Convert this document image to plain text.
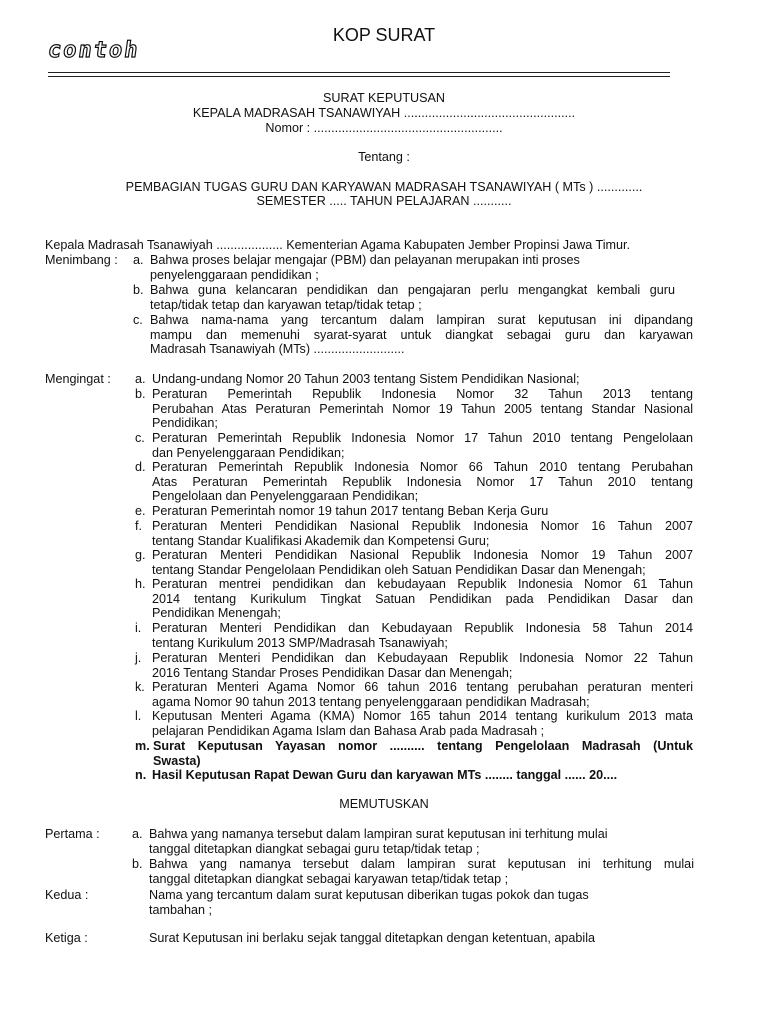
KOP SURAT
contoh
SURAT KEPUTUSAN
KEPALA MADRASAH TSANAWIYAH .................................................
Nomor : ......................................................
Tentang :
PEMBAGIAN TUGAS GURU DAN KARYAWAN MADRASAH TSANAWIYAH ( MTs ) .............
SEMESTER ..... TAHUN PELAJARAN ...........
Kepala Madrasah Tsanawiyah ................... Kementerian Agama Kabupaten Jember Propinsi Jawa Timur.
Menimbang : a. Bahwa proses belajar mengajar (PBM) dan pelayanan merupakan inti proses
penyelenggaraan pendidikan ;
b. Bahwa guna kelancaran pendidikan dan pengajaran perlu mengangkat kembali guru
tetap/tidak tetap dan karyawan tetap/tidak tetap ;
c. Bahwa nama-nama yang tercantum dalam lampiran surat keputusan ini dipandang
mampu dan memenuhi syarat-syarat untuk diangkat sebagai guru dan karyawan
Madrasah Tsanawiyah (MTs) ..........................
Mengingat : a. Undang-undang Nomor 20 Tahun 2003 tentang Sistem Pendidikan Nasional;
b. Peraturan Pemerintah Republik Indonesia Nomor 32 Tahun 2013 tentang
Perubahan Atas Peraturan Pemerintah Nomor 19 Tahun 2005 tentang Standar Nasional
Pendidikan;
c. Peraturan Pemerintah Republik Indonesia Nomor 17 Tahun 2010 tentang Pengelolaan
dan Penyelenggaraan Pendidikan;
d. Peraturan Pemerintah Republik Indonesia Nomor 66 Tahun 2010 tentang Perubahan
Atas Peraturan Pemerintah Republik Indonesia Nomor 17 Tahun 2010 tentang
Pengelolaan dan Penyelenggaraan Pendidikan;
e. Peraturan Pemerintah nomor 19 tahun 2017 tentang Beban Kerja Guru
f. Peraturan Menteri Pendidikan Nasional Republik Indonesia Nomor 16 Tahun 2007
tentang Standar Kualifikasi Akademik dan Kompetensi Guru;
g. Peraturan Menteri Pendidikan Nasional Republik Indonesia Nomor 19 Tahun 2007
tentang Standar Pengelolaan Pendidikan oleh Satuan Pendidikan Dasar dan Menengah;
h. Peraturan mentrei pendidikan dan kebudayaan Republik Indonesia Nomor 61 Tahun
2014 tentang Kurikulum Tingkat Satuan Pendidikan pada Pendidikan Dasar dan
Pendidikan Menengah;
i. Peraturan Menteri Pendidikan dan Kebudayaan Republik Indonesia 58 Tahun 2014
tentang Kurikulum 2013 SMP/Madrasah Tsanawiyah;
j. Peraturan Menteri Pendidikan dan Kebudayaan Republik Indonesia Nomor 22 Tahun
2016 Tentang Standar Proses Pendidikan Dasar dan Menengah;
k. Peraturan Menteri Agama Nomor 66 tahun 2016 tentang perubahan peraturan menteri
agama Nomor 90 tahun 2013 tentang penyelenggaraan pendidikan Madrasah;
l. Keputusan Menteri Agama (KMA) Nomor 165 tahun 2014 tentang kurikulum 2013 mata
pelajaran Pendidikan Agama Islam dan Bahasa Arab pada Madrasah ;
m. Surat Keputusan Yayasan nomor .......... tentang Pengelolaan Madrasah (Untuk
Swasta)
n. Hasil Keputusan Rapat Dewan Guru dan karyawan MTs ........ tanggal ...... 20....
MEMUTUSKAN
Pertama :	a. Bahwa yang namanya tersebut dalam lampiran surat keputusan ini terhitung mulai
tanggal ditetapkan diangkat sebagai guru tetap/tidak tetap ;
b. Bahwa yang namanya tersebut dalam lampiran surat keputusan ini terhitung mulai
tanggal ditetapkan diangkat sebagai karyawan tetap/tidak tetap ;
Kedua :	Nama yang tercantum dalam surat keputusan diberikan tugas pokok dan tugas
tambahan ;
Ketiga :	Surat Keputusan ini berlaku sejak tanggal ditetapkan dengan ketentuan, apabila
